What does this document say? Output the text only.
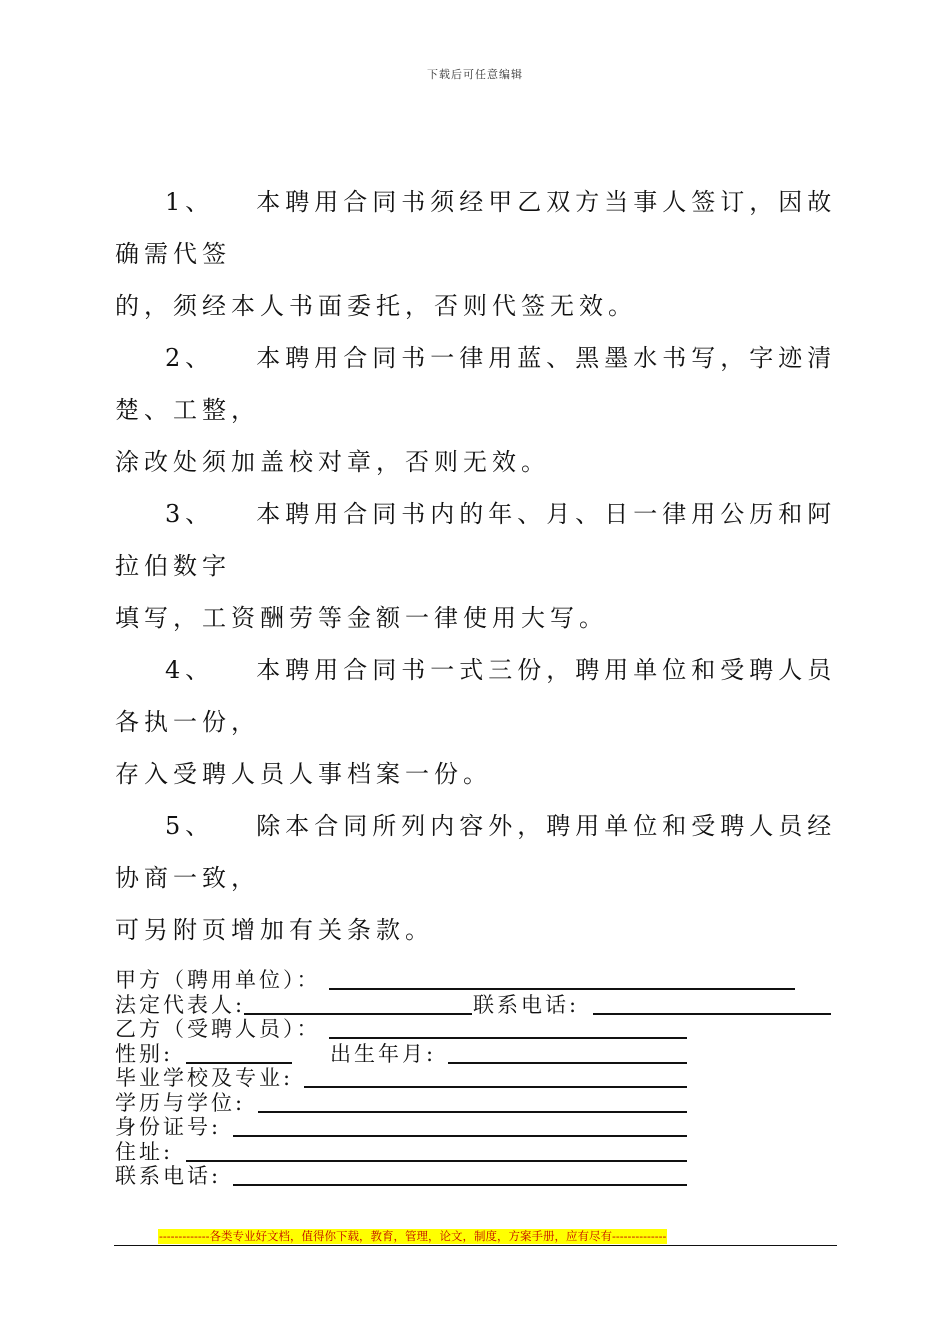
下载后可任意编辑

1、 本聘用合同书须经甲乙双方当事人签订，因故确需代签
的，须经本人书面委托，否则代签无效。

2、 本聘用合同书一律用蓝、黑墨水书写，字迹清楚、工整，
涂改处须加盖校对章，否则无效。

3、 本聘用合同书内的年、月、日一律用公历和阿拉伯数字
填写，工资酬劳等金额一律使用大写。

4、 本聘用合同书一式三份，聘用单位和受聘人员各执一份，
存入受聘人员人事档案一份。

5、 除本合同所列内容外，聘用单位和受聘人员经协商一致，
可另附页增加有关条款。

甲方（聘用单位）：
法定代表人:	联系电话:
乙方（受聘人员）：
性别:	出生年月:
毕业学校及专业:
学历与学位:
身份证号:
住址:
联系电话:
-------------各类专业好文档，值得你下载，教育，管理，论文，制度，方案手册，应有尽有--------------
